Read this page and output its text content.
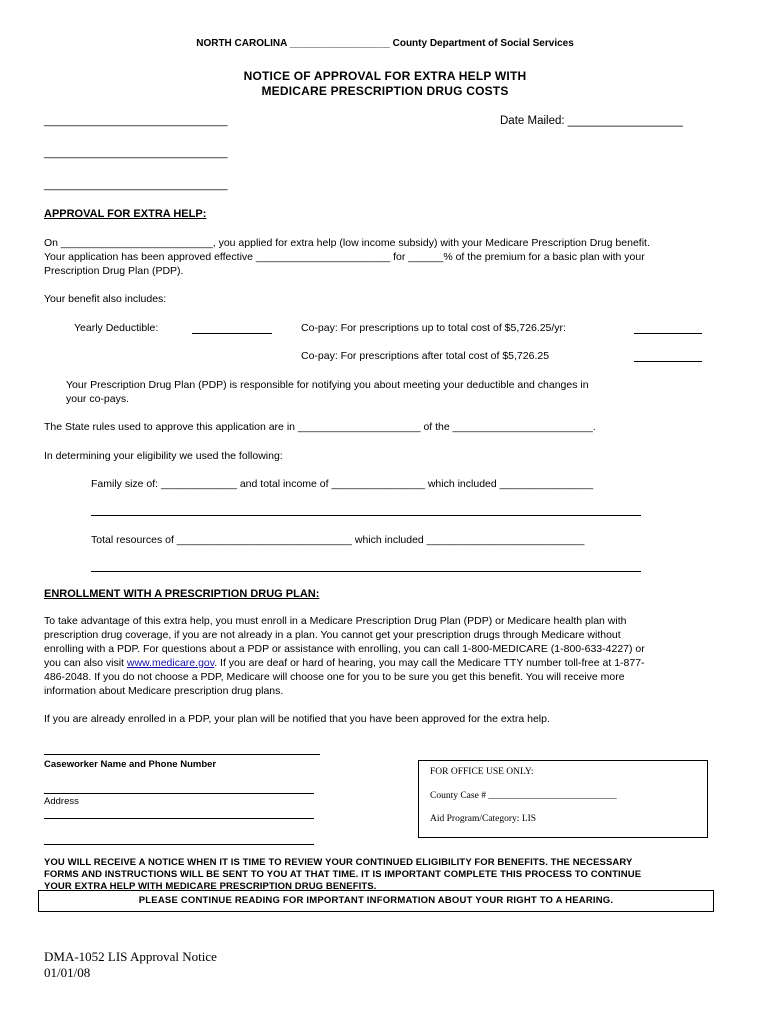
NORTH CAROLINA __________________ County Department of Social Services
NOTICE OF APPROVAL FOR EXTRA HELP WITH
MEDICARE PRESCRIPTION DRUG COSTS
______________________________	Date Mailed: __________________
______________________________
______________________________
APPROVAL FOR EXTRA HELP:
On __________________________, you applied for extra help (low income subsidy) with your Medicare Prescription Drug benefit.
Your application has been approved effective _______________________ for ______% of the premium for a basic plan with your
Prescription Drug Plan (PDP).
Your benefit also includes:
Yearly Deductible:	Co-pay: For prescriptions up to total cost of $5,726.25/yr:
Co-pay: For prescriptions after total cost of $5,726.25
Your Prescription Drug Plan (PDP) is responsible for notifying you about meeting your deductible and changes in
your co-pays.
The State rules used to approve this application are in _____________________ of the ________________________.
In determining your eligibility we used the following:
Family size of: _____________ and total income of ________________ which included ________________
Total resources of ______________________________ which included ___________________________
ENROLLMENT WITH A PRESCRIPTION DRUG PLAN:
To take advantage of this extra help, you must enroll in a Medicare Prescription Drug Plan (PDP) or Medicare health plan with
prescription drug coverage, if you are not already in a plan. You cannot get your prescription drugs through Medicare without
enrolling with a PDP. For questions about a PDP or assistance with enrolling, you can call 1-800-MEDICARE (1-800-633-4227) or
you can also visit www.medicare.gov. If you are deaf or hard of hearing, you may call the Medicare TTY number toll-free at 1-877-
486-2048. If you do not choose a PDP, Medicare will choose one for you to be sure you get this benefit. You will receive more
information about Medicare prescription drug plans.
If you are already enrolled in a PDP, your plan will be notified that you have been approved for the extra help.
Caseworker Name and Phone Number
Address
FOR OFFICE USE ONLY:
County Case # ___________________________
Aid Program/Category: LIS
YOU WILL RECEIVE A NOTICE WHEN IT IS TIME TO REVIEW YOUR CONTINUED ELIGIBILITY FOR BENEFITS. THE NECESSARY
FORMS AND INSTRUCTIONS WILL BE SENT TO YOU AT THAT TIME. IT IS IMPORTANT COMPLETE THIS PROCESS TO CONTINUE
YOUR EXTRA HELP WITH MEDICARE PRESCRIPTION DRUG BENEFITS.
PLEASE CONTINUE READING FOR IMPORTANT INFORMATION ABOUT YOUR RIGHT TO A HEARING.
DMA-1052 LIS Approval Notice
01/01/08
